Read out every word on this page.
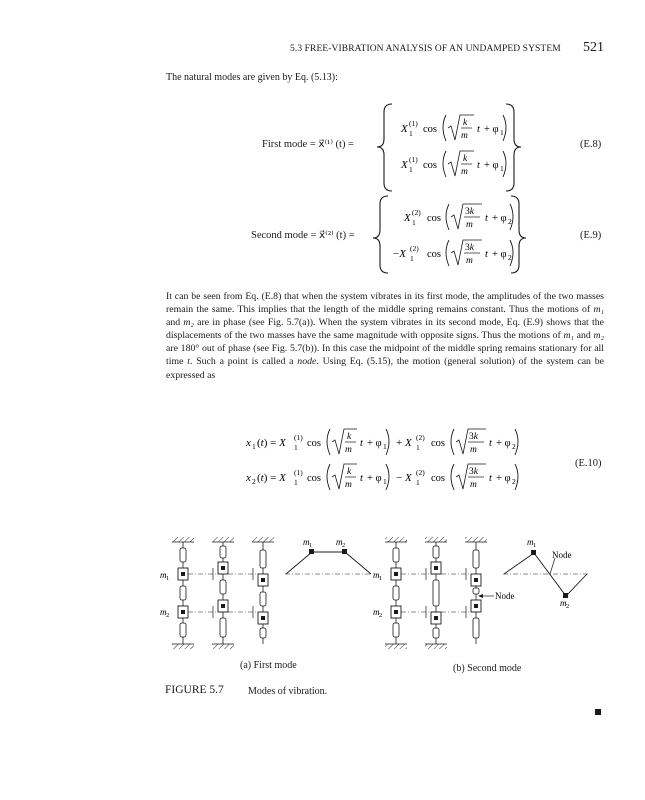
5.3 FREE-VIBRATION ANALYSIS OF AN UNDAMPED SYSTEM 521
The natural modes are given by Eq. (5.13):
First mode = x⃗⁽¹⁾ (t) =
Second mode = x⃗⁽²⁾ (t) =
(E.8)
(E.9)
(E.10)
X (1)
1 cos
k
m
t + φ 1
X (1)
1 cos
k
m
t + φ 1
X (2)
1 cos
3k
m
t + φ 2
−X (2)
1 cos
3k
m
t + φ 2

It can be seen from Eq. (E.8) that when the system vibrates in its first mode, the amplitudes of the two masses remain the same. This implies that the length of the middle spring remains constant. Thus the motions of m₁ and m₂ are in phase (see Fig. 5.7(a)). When the system vibrates in its second mode, Eq. (E.9) shows that the displacements of the two masses have the same magnitude with opposite signs. Thus the motions of m₁ and m₂ are 180° out of phase (see Fig. 5.7(b)). In this case the midpoint of the middle spring remains stationary for all time t. Such a point is called a node. Using Eq. (5.15), the motion (general solution) of the system can be expressed as

x 1 (t) = X (1)
1 cos
k
m
t + φ 1 + X (2)
1 cos
3k
m
t + φ 2
x 2 (t) = X (1)
1 cos
k
m
t + φ 1 − X (2)
1 cos
3k
m
t + φ 2
m 1
m 2
m 1	m 2
Node
m 1
m 2
m 1
m 2
Node
(a) First mode	(b) Second mode
FIGURE 5.7 Modes of vibration.
